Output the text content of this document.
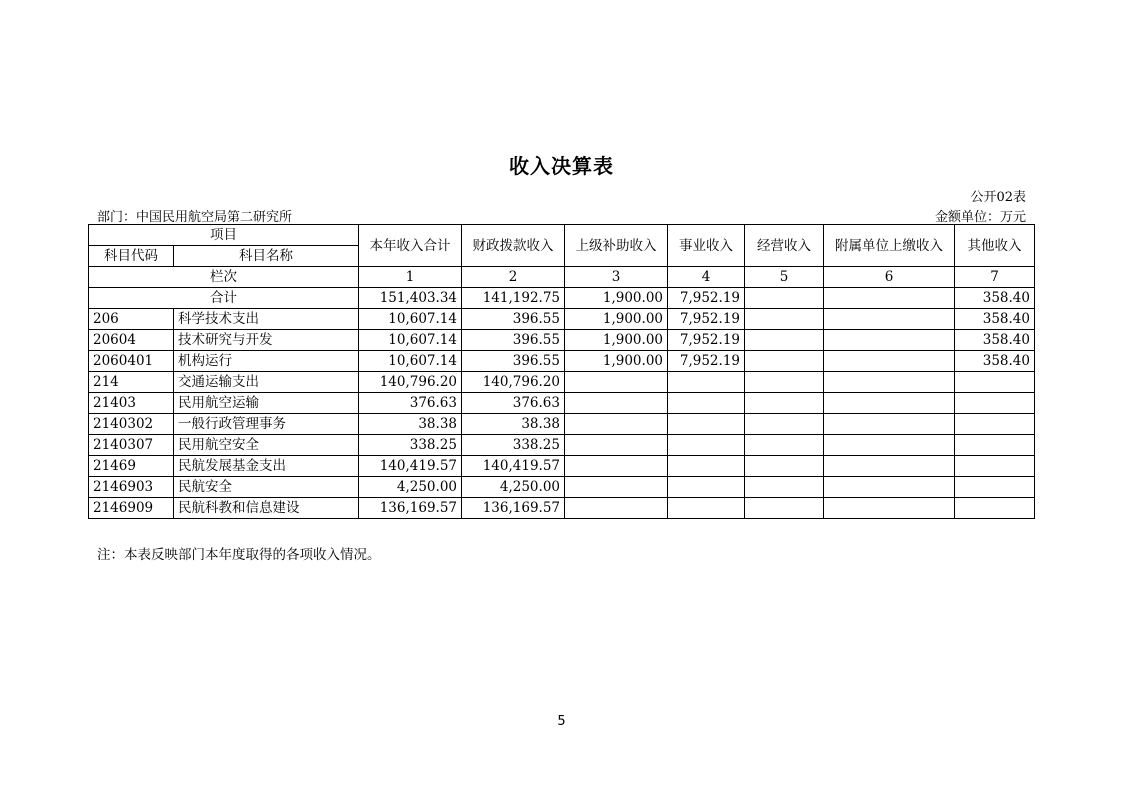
收入决算表
公开02表
部门：中国民用航空局第二研究所	金额单位：万元
项目		本年收入合计	财政拨款收入	上级补助收入	事业收入	经营收入	附属单位上缴收入	其他收入
科目代码	科目名称							
栏次		1	2	3	4	5	6	7
合计		151,403.34	141,192.75	1,900.00	7,952.19			358.40
206	科学技术支出	10,607.14	396.55	1,900.00	7,952.19			358.40
20604	技术研究与开发	10,607.14	396.55	1,900.00	7,952.19			358.40
2060401	机构运行	10,607.14	396.55	1,900.00	7,952.19			358.40
214	交通运输支出	140,796.20	140,796.20					
21403	民用航空运输	376.63	376.63					
2140302	一般行政管理事务	38.38	38.38					
2140307	民用航空安全	338.25	338.25					
21469	民航发展基金支出	140,419.57	140,419.57					
2146903	民航安全	4,250.00	4,250.00					
2146909	民航科教和信息建设	136,169.57	136,169.57					
注：本表反映部门本年度取得的各项收入情况。
5
